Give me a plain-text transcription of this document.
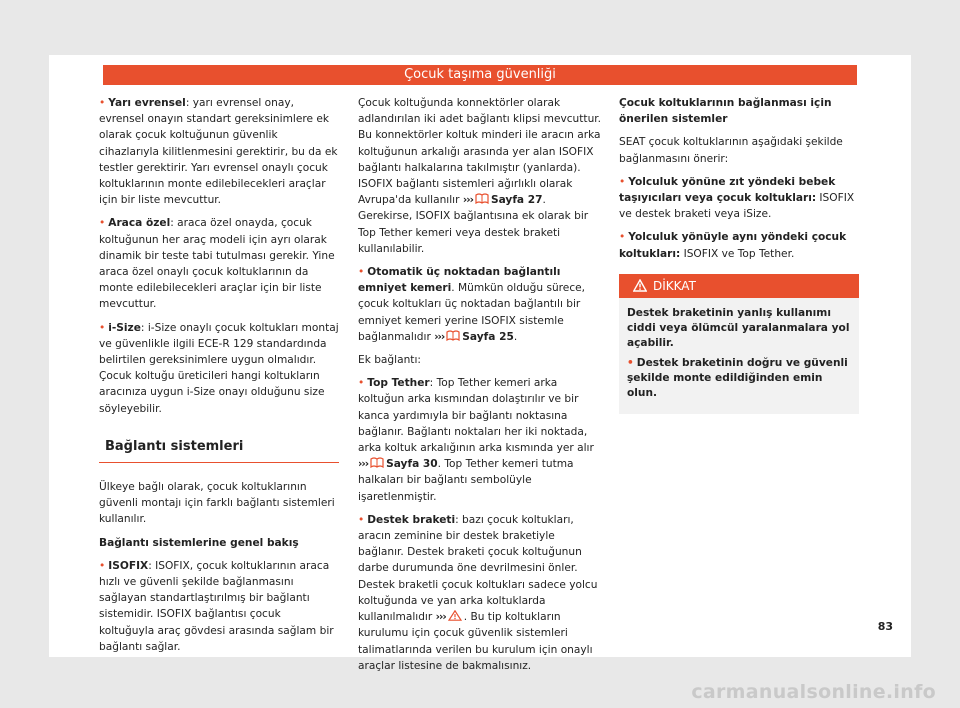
Çocuk taşıma güvenliği

• Yarı evrensel: yarı evrensel onay, evrensel onayın standart gereksinimlere ek olarak çocuk koltuğunun güvenlik cihazlarıyla kilitlenmesini gerektirir, bu da ek testler gerektirir. Yarı evrensel onaylı çocuk koltuklarının monte edilebilecekleri araçlar için bir liste mevcuttur.

• Araca özel: araca özel onayda, çocuk koltuğunun her araç modeli için ayrı olarak dinamik bir teste tabi tutulması gerekir. Yine araca özel onaylı çocuk koltuklarının da monte edilebilecekleri araçlar için bir liste mevcuttur.

• i-Size: i-Size onaylı çocuk koltukları montaj ve güvenlikle ilgili ECE-R 129 standardında belirtilen gereksinimlere uygun olmalıdır. Çocuk koltuğu üreticileri hangi koltukların aracınıza uygun i-Size onayı olduğunu size söyleyebilir.

Bağlantı sistemleri

Ülkeye bağlı olarak, çocuk koltuklarının güvenli montajı için farklı bağlantı sistemleri kullanılır.

Bağlantı sistemlerine genel bakış

• ISOFIX: ISOFIX, çocuk koltuklarının araca hızlı ve güvenli şekilde bağlanmasını sağlayan standartlaştırılmış bir bağlantı sistemidir. ISOFIX bağlantısı çocuk koltuğuyla araç gövdesi arasında sağlam bir bağlantı sağlar.

Çocuk koltuğunda konnektörler olarak adlandırılan iki adet bağlantı klipsi mevcuttur. Bu konnektörler koltuk minderi ile aracın arka koltuğunun arkalığı arasında yer alan ISOFIX bağlantı halkalarına takılmıştır (yanlarda). ISOFIX bağlantı sistemleri ağırlıklı olarak Avrupa'da kullanılır ››› Sayfa 27. Gerekirse, ISOFIX bağlantısına ek olarak bir Top Tether kemeri veya destek braketi kullanılabilir.

• Otomatik üç noktadan bağlantılı emniyet kemeri. Mümkün olduğu sürece, çocuk koltukları üç noktadan bağlantılı bir emniyet kemeri yerine ISOFIX sistemle bağlanmalıdır ››› Sayfa 25.

Ek bağlantı:

• Top Tether: Top Tether kemeri arka koltuğun arka kısmından dolaştırılır ve bir kanca yardımıyla bir bağlantı noktasına bağlanır. Bağlantı noktaları her iki noktada, arka koltuk arkalığının arka kısmında yer alır ››› Sayfa 30. Top Tether kemeri tutma halkaları bir bağlantı sembolüyle işaretlenmiştir.

• Destek braketi: bazı çocuk koltukları, aracın zeminine bir destek braketiyle bağlanır. Destek braketi çocuk koltuğunun darbe durumunda öne devrilmesini önler. Destek braketli çocuk koltukları sadece yolcu koltuğunda ve yan arka koltuklarda kullanılmalıdır ››› . Bu tip koltukların kurulumu için çocuk güvenlik sistemleri talimatlarında verilen bu kurulum için onaylı araçlar listesine de bakmalısınız.

Çocuk koltuklarının bağlanması için önerilen sistemler

SEAT çocuk koltuklarının aşağıdaki şekilde bağlanmasını önerir:

• Yolculuk yönüne zıt yöndeki bebek taşıyıcıları veya çocuk koltukları: ISOFIX ve destek braketi veya iSize.

• Yolculuk yönüyle aynı yöndeki çocuk koltukları: ISOFIX ve Top Tether.

DİKKAT

Destek braketinin yanlış kullanımı ciddi veya ölümcül yaralanmalara yol açabilir.

• Destek braketinin doğru ve güvenli şekilde monte edildiğinden emin olun.

83
carmanualsonline.info
